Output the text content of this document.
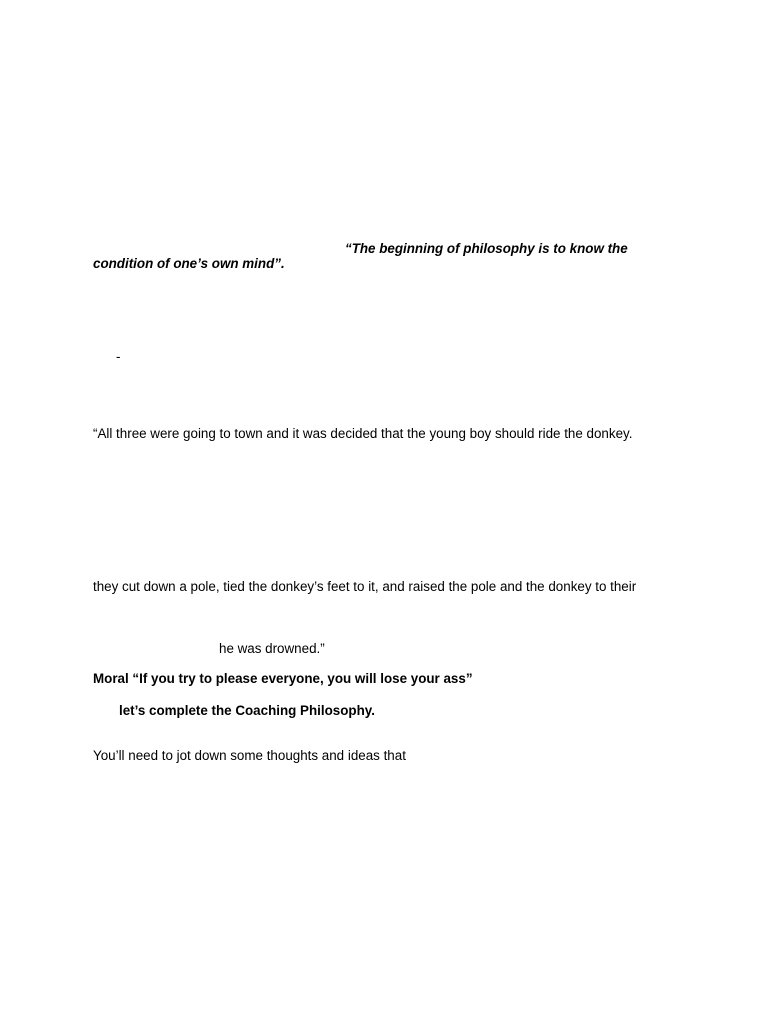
“The beginning of philosophy is to know the

condition of one’s own mind”.

-

“All three were going to town and it was decided that the young boy should ride the donkey.

they cut down a pole, tied the donkey’s feet to it, and raised the pole and the donkey to their

he was drowned.”

Moral “If you try to please everyone, you will lose your ass”

let’s complete the Coaching Philosophy.

You’ll need to jot down some thoughts and ideas that
